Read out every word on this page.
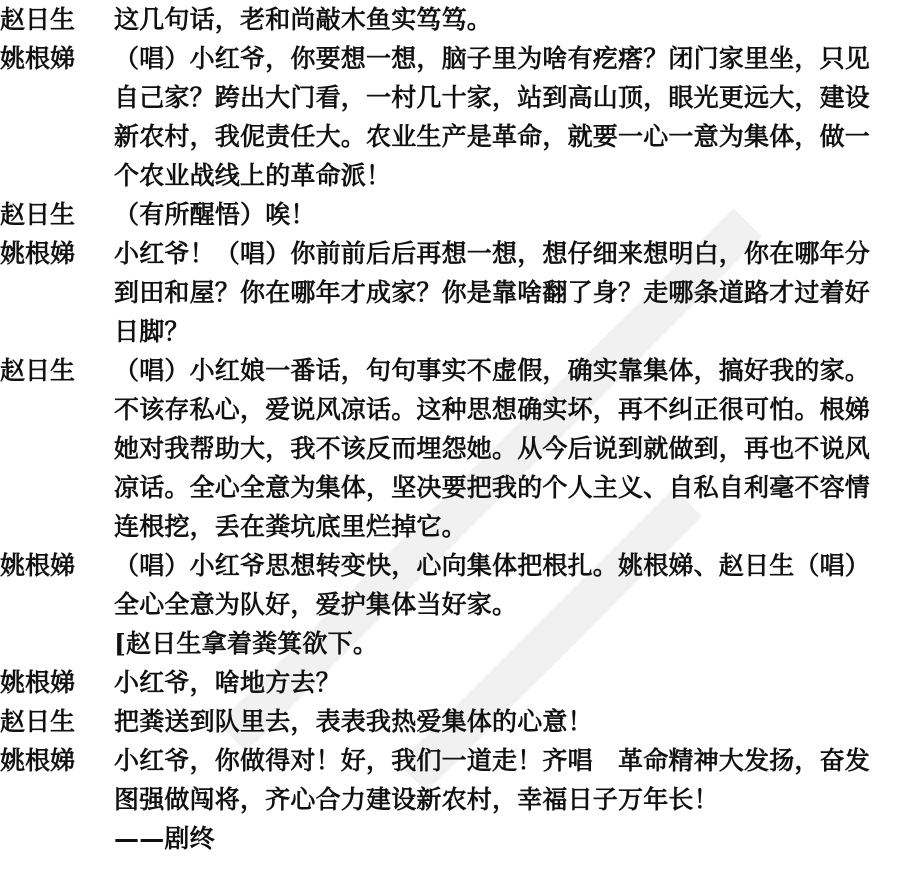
赵日生	这几句话，老和尚敲木鱼实笃笃。
姚根娣	（唱）小红爷，你要想一想，脑子里为啥有疙瘩？闭门家里坐，只见自己家？跨出大门看，一村几十家，站到高山顶，眼光更远大，建设新农村，我伲责任大。农业生产是革命，就要一心一意为集体，做一个农业战线上的革命派！
赵日生	（有所醒悟）唉！
姚根娣	小红爷！（唱）你前前后后再想一想，想仔细来想明白，你在哪年分到田和屋？你在哪年才成家？你是靠啥翻了身？走哪条道路才过着好日脚？
赵日生	（唱）小红娘一番话，句句事实不虚假，确实靠集体，搞好我的家。不该存私心，爱说风凉话。这种思想确实坏，再不纠正很可怕。根娣她对我帮助大，我不该反而埋怨她。从今后说到就做到，再也不说风凉话。全心全意为集体，坚决要把我的个人主义、自私自利毫不容情连根挖，丢在粪坑底里烂掉它。
姚根娣	（唱）小红爷思想转变快，心向集体把根扎。姚根娣、赵日生（唱）全心全意为队好，爱护集体当好家。
[赵日生拿着粪箕欲下。
姚根娣	小红爷，啥地方去？
赵日生	把粪送到队里去，表表我热爱集体的心意！
姚根娣	小红爷，你做得对！好，我们一道走！齐唱　革命精神大发扬，奋发图强做闯将，齐心合力建设新农村，幸福日子万年长！
——剧终
